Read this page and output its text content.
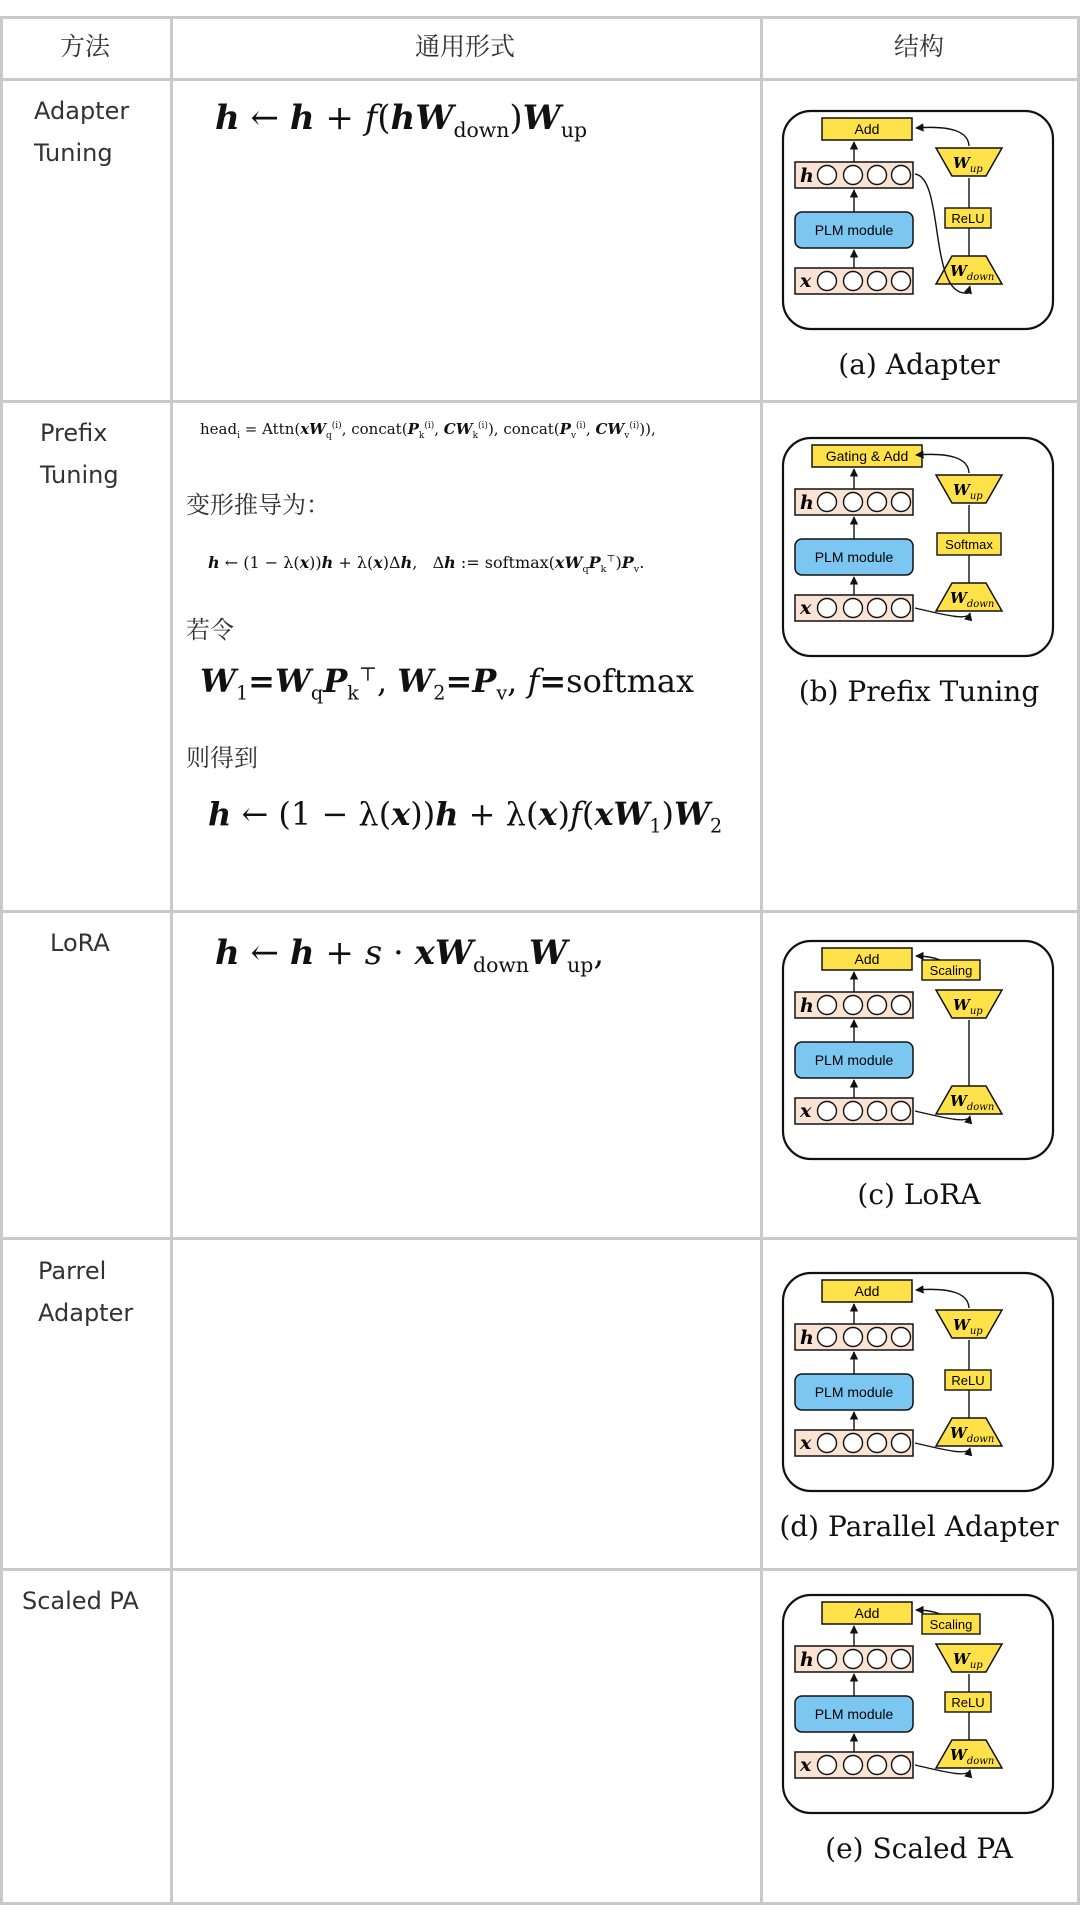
方法	通用形式	结构
Adapter
Tuning
Prefix
Tuning
LoRA
Parrel
Adapter
Scaled PA
h ← $h + f(hW_{down})W_{up}$
head$_i$ = $Attn(xW_q^{(i)}$, $concat(P_k^{(i)}$, $CW_k^{(i)}$), $concat(P_v^{(i)}$, $CW_v^{(i)}$)),
变形推导为：
h ← (1 − λ(x))h + λ(x)Δh,   Δh := $softmax(xW_qP_k^⊤)P_v$.
若令
$W_1=W_qP_k^⊤$, $W_2=P_v$, f=softmax
则得到
h ← $(1 - \lambda(x))h + \lambda(x)f(xW_1)W_2$
h ← $h + s \cdot xW_{down}W_{up}$,
Add
h
PLM module
x
$W_{up}$
$W_{down}$
ReLU
(a) Adapter
Gating & Add
h
PLM module
x
$W_{up}$
$W_{down}$
Softmax
(b) Prefix Tuning
Add
h
PLM module
x
$W_{up}$
$W_{down}$
Scaling
(c) LoRA
Add
h
PLM module
x
$W_{up}$
$W_{down}$
ReLU
(d) Parallel Adapter
Add
h
PLM module
x
$W_{up}$
$W_{down}$
ReLU
Scaling
(e) Scaled PA
